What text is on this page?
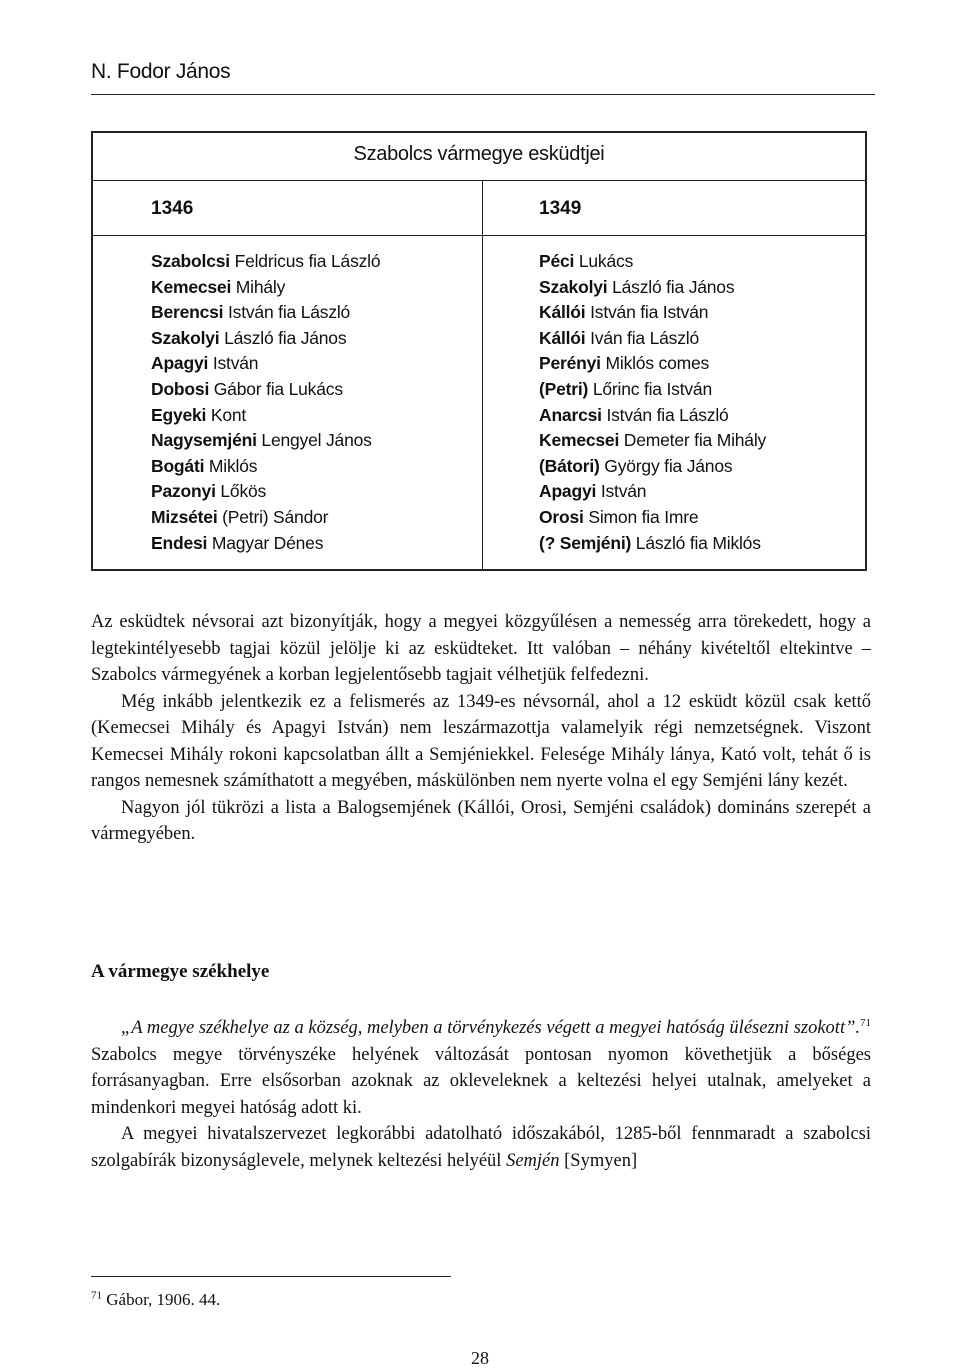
N. Fodor János
Szabolcs vármegye esküdtjei
1346	1349
Szabolcsi Feldricus fia László
Kemecsei Mihály
Berencsi István fia László
Szakolyi László fia János
Apagyi István
Dobosi Gábor fia Lukács
Egyeki Kont
Nagysemjéni Lengyel János
Bogáti Miklós
Pazonyi Lőkös
Mizsétei (Petri) Sándor
Endesi Magyar Dénes
Péci Lukács
Szakolyi László fia János
Kállói István fia István
Kállói Iván fia László
Perényi Miklós comes
(Petri) Lőrinc fia István
Anarcsi István fia László
Kemecsei Demeter fia Mihály
(Bátori) György fia János
Apagyi István
Orosi Simon fia Imre
(? Semjéni) László fia Miklós

Az esküdtek névsorai azt bizonyítják, hogy a megyei közgyűlésen a nemesség arra törekedett, hogy a legtekintélyesebb tagjai közül jelölje ki az esküdteket. Itt valóban – néhány kivételtől eltekintve – Szabolcs vármegyének a korban legjelentősebb tagjait vélhetjük felfedezni.

Még inkább jelentkezik ez a felismerés az 1349-es névsornál, ahol a 12 esküdt közül csak kettő (Kemecsei Mihály és Apagyi István) nem leszármazottja valamelyik régi nemzetségnek. Viszont Kemecsei Mihály rokoni kapcsolatban állt a Semjéniekkel. Felesége Mihály lánya, Kató volt, tehát ő is rangos nemesnek számíthatott a megyében, máskülönben nem nyerte volna el egy Semjéni lány kezét.

Nagyon jól tükrözi a lista a Balogsemjének (Kállói, Orosi, Semjéni családok) domináns szerepét a vármegyében.

A vármegye székhelye

„A megye székhelye az a község, melyben a törvénykezés végett a megyei hatóság ülésezni szokott”.$^{71}$ Szabolcs megye törvényszéke helyének változását pontosan nyomon követhetjük a bőséges forrásanyagban. Erre elsősorban azoknak az okleveleknek a keltezési helyei utalnak, amelyeket a mindenkori megyei hatóság adott ki.

A megyei hivatalszervezet legkorábbi adatolható időszakából, 1285-ből fennmaradt a szabolcsi szolgabírák bizonyságlevele, melynek keltezési helyéül Semjén [Symyen]

$^{71}$ Gábor, 1906. 44.
28
